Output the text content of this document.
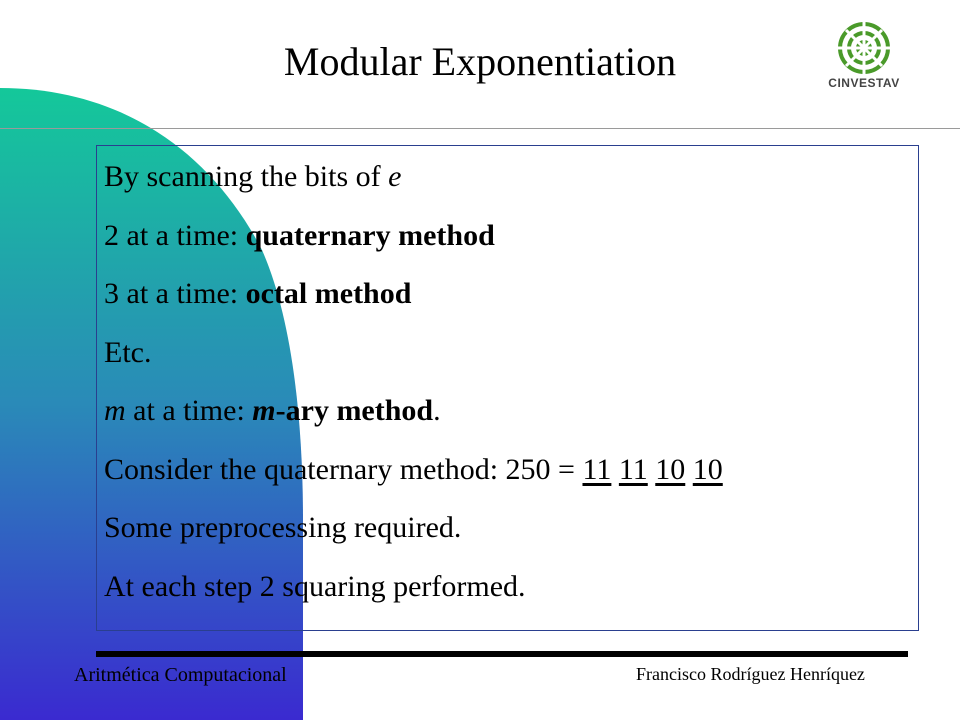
Modular Exponentiation	CINVESTAV
By scanning the bits of e
2 at a time: quaternary method
3 at a time: octal method
Etc.
m at a time: m-ary method.
Consider the quaternary method: 250 = 11 11 10 10
Some preprocessing required.
At each step 2 squaring performed.
Aritmética Computacional	Francisco Rodríguez Henríquez
